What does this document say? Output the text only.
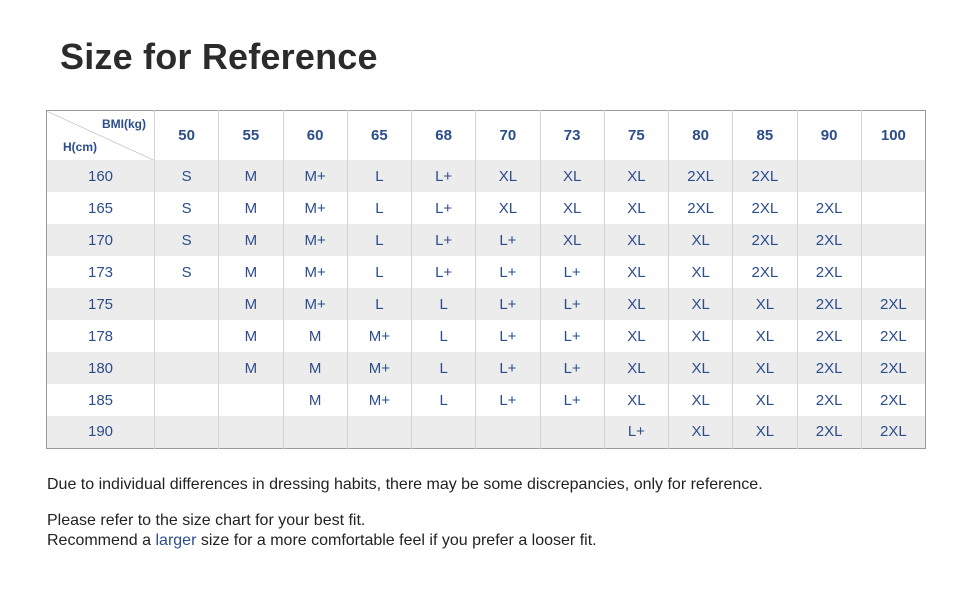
Size for Reference
BMI(kg)
H(cm)	50	55	60	65	68	70	73	75	80	85	90	100
160	S	M	M+	L	L+	XL	XL	XL	2XL	2XL		
165	S	M	M+	L	L+	XL	XL	XL	2XL	2XL	2XL	
170	S	M	M+	L	L+	L+	XL	XL	XL	2XL	2XL	
173	S	M	M+	L	L+	L+	L+	XL	XL	2XL	2XL	
175		M	M+	L	L	L+	L+	XL	XL	XL	2XL	2XL
178		M	M	M+	L	L+	L+	XL	XL	XL	2XL	2XL
180		M	M	M+	L	L+	L+	XL	XL	XL	2XL	2XL
185			M	M+	L	L+	L+	XL	XL	XL	2XL	2XL
190								L+	XL	XL	2XL	2XL

Due to individual differences in dressing habits, there may be some discrepancies, only for reference.

Please refer to the size chart for your best fit.

Recommend a larger size for a more comfortable feel if you prefer a looser fit.
